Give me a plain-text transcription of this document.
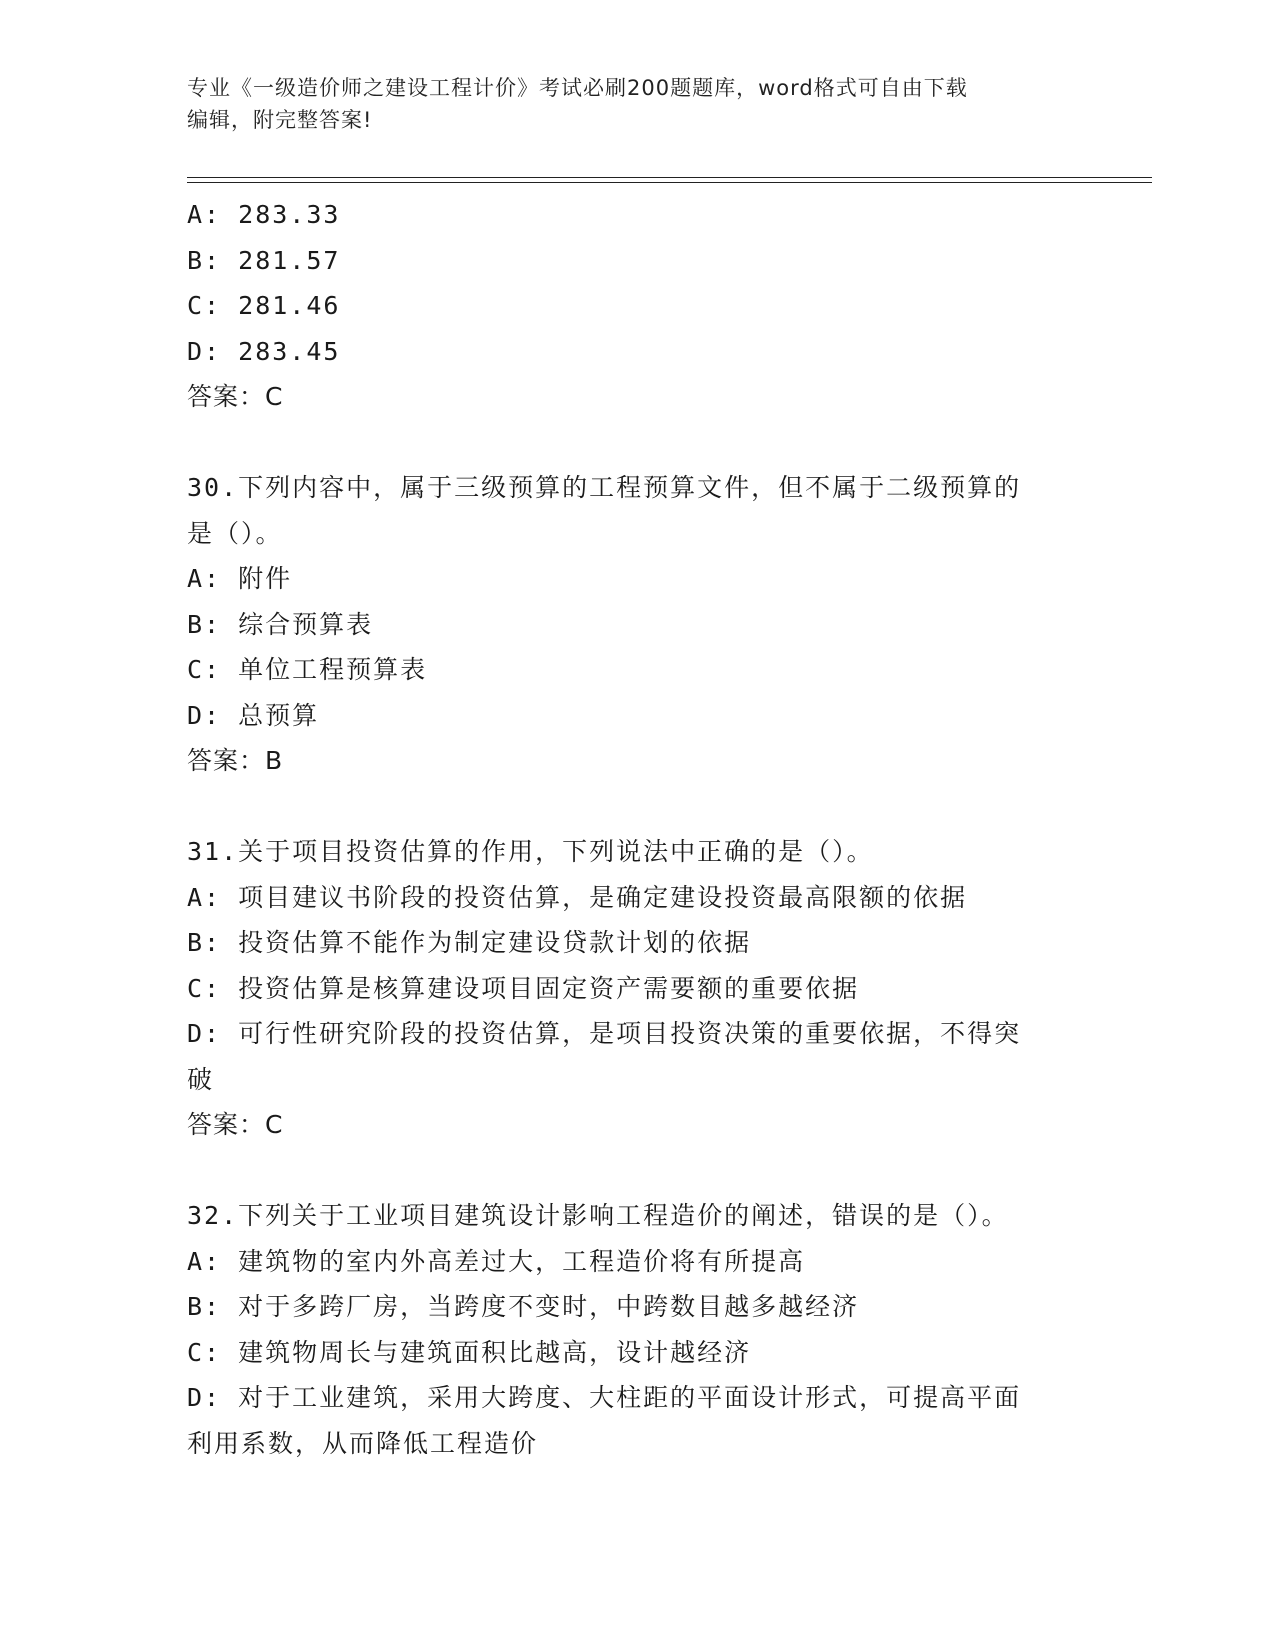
专业《一级造价师之建设工程计价》考试必刷200题题库，word格式可自由下载
编辑，附完整答案!
A: 283.33
B: 281.57
C: 281.46
D: 283.45
答案：C
30.下列内容中，属于三级预算的工程预算文件，但不属于二级预算的
是（）。
A: 附件
B: 综合预算表
C: 单位工程预算表
D: 总预算
答案：B
31.关于项目投资估算的作用，下列说法中正确的是（）。
A: 项目建议书阶段的投资估算，是确定建设投资最高限额的依据
B: 投资估算不能作为制定建设贷款计划的依据
C: 投资估算是核算建设项目固定资产需要额的重要依据
D: 可行性研究阶段的投资估算，是项目投资决策的重要依据，不得突
破
答案：C
32.下列关于工业项目建筑设计影响工程造价的阐述，错误的是（）。
A: 建筑物的室内外高差过大，工程造价将有所提高
B: 对于多跨厂房，当跨度不变时，中跨数目越多越经济
C: 建筑物周长与建筑面积比越高，设计越经济
D: 对于工业建筑，采用大跨度、大柱距的平面设计形式，可提高平面
利用系数，从而降低工程造价
